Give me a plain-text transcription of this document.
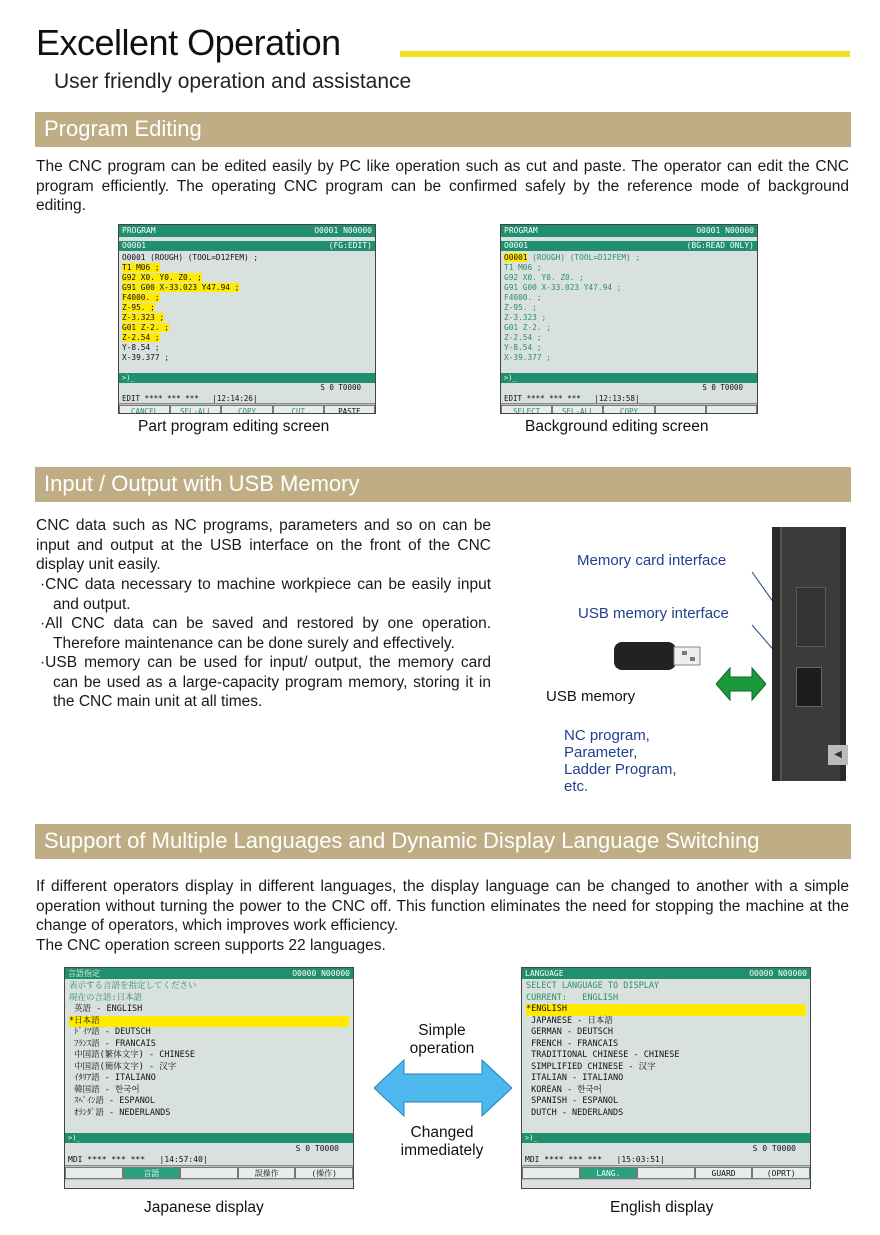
Excellent Operation
User friendly operation and assistance
Program Editing
The CNC program can be edited easily by PC like operation such as cut and paste. The operator can edit the CNC program efficiently. The operating CNC program can be confirmed safely by the reference mode of background editing.
PROGRAM	O0001 N00000
O0001	(FG:EDIT)
O0001 (ROUGH) (TOOL=D12FEM) ;
T1 M06 ;
G92 X0. Y0. Z0. ;
G91 G00 X-33.023 Y47.94 ;
F4000. ;
Z-95. ;
Z-3.323 ;
G01 Z-2. ;
Z-2.54 ;
Y-8.54 ;
X-39.377 ;
>)_
S 0 T0000
EDIT **** *** ***   |12:14:26|
CANCEL	SEL-ALL	COPY	CUT	PASTE
Part program editing screen
PROGRAM	O0001 N00000
O0001	(BG:READ ONLY)
O0001 (ROUGH) (TOOL=D12FEM) ;
T1 M06 ;
G92 X0. Y0. Z0. ;
G91 G00 X-33.023 Y47.94 ;
F4000. ;
Z-95. ;
Z-3.323 ;
G01 Z-2. ;
Z-2.54 ;
Y-8.54 ;
X-39.377 ;
>)_
S 0 T0000
EDIT **** *** ***   |12:13:58|
SELECT	SEL-ALL	COPY
Background editing screen
Input / Output with USB Memory
CNC data such as NC programs, parameters and so on can be input and output at the USB interface on the front of the CNC display unit easily.
·CNC data necessary to machine workpiece can be easily input and output.
·All CNC data can be saved and restored by one operation. Therefore maintenance can be done surely and effectively.
·USB memory can be used for input/ output, the memory card can be used as a large-capacity program memory, storing it in the CNC main unit at all times.
Memory card interface
USB memory interface
USB memory
NC program,
Parameter,
Ladder Program,
etc.
◀
Support of Multiple Languages and Dynamic Display Language Switching
If different operators display in different languages, the display language can be changed to another with a simple operation without turning the power to the CNC off. This function eliminates the need for stopping the machine at the change of operators, which improves work efficiency.
The CNC operation screen supports 22 languages.
言語指定	O0000 N00000
表示する言語を指定してください
現在の言語:日本語
英語 - ENGLISH
*日本語
ﾄﾞｲﾂ語 - DEUTSCH
ﾌﾗﾝｽ語 - FRANCAIS
中国語(繁体文字) - CHINESE
中国語(簡体文字) - 汉字
ｲﾀﾘｱ語 - ITALIANO
韓国語 - 한국어
ｽﾍﾟｲﾝ語 - ESPANOL
ｵﾗﾝﾀﾞ語 - NEDERLANDS
>)_
S 0 T0000
MDI **** *** ***   |14:57:40|
言語	誤操作	(操作)
Japanese display
LANGUAGE	O0000 N00000
SELECT LANGUAGE TO DISPLAY
CURRENT:   ENGLISH
*ENGLISH
JAPANESE - 日本語
GERMAN - DEUTSCH
FRENCH - FRANCAIS
TRADITIONAL CHINESE - CHINESE
SIMPLIFIED CHINESE - 汉字
ITALIAN - ITALIANO
KOREAN - 한국어
SPANISH - ESPANOL
DUTCH - NEDERLANDS
>)_
S 0 T0000
MDI **** *** ***   |15:03:51|
LANG.	GUARD	(OPRT)
English display
Simple operation
Changed immediately
